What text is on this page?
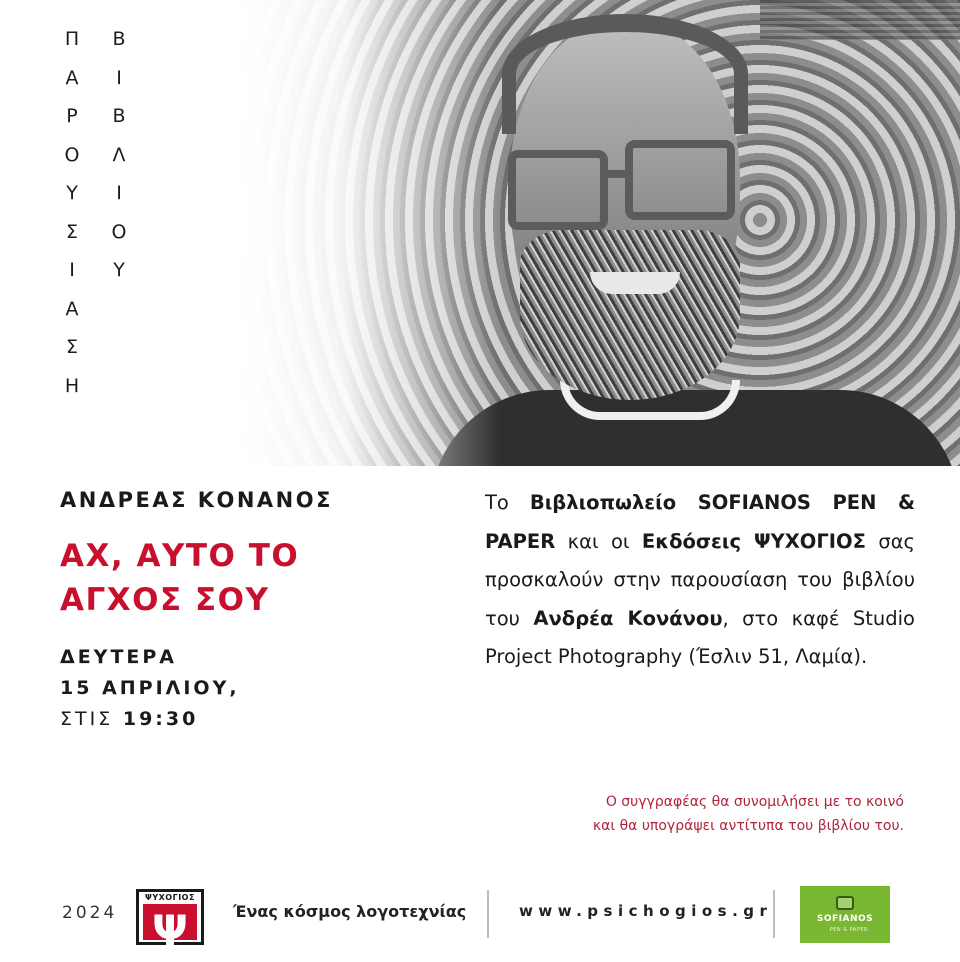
Π
Α
Ρ
Ο
Υ
Σ
Ι
Α
Σ
Η
Β
Ι
Β
Λ
Ι
Ο
Υ
ΑΝΔΡΕΑΣ ΚΟΝΑΝΟΣ
ΑΧ, ΑΥΤΟ ΤΟ
ΑΓΧΟΣ ΣΟΥ
ΔΕΥΤΕΡΑ
15 ΑΠΡΙΛΙΟΥ,
ΣΤΙΣ 19:30
Το Βιβλιοπωλείο SOFIANOS PEN & PAPER και οι Εκδόσεις ΨΥΧΟΓΙΟΣ σας προσκαλούν στην παρουσίαση του βιβλίου του Ανδρέα Κονάνου, στο καφέ Studio Project Photography (Έσλιν 51, Λαμία).
Ο συγγραφέας θα συνομιλήσει με το κοινό
και θα υπογράψει αντίτυπα του βιβλίου του.
2024 Ψ
ΨΥΧΟΓΙΟΣ
Ένας κόσμος λογοτεχνίας	www.psichogios.gr	SOFIANOS
PEN & PAPER
